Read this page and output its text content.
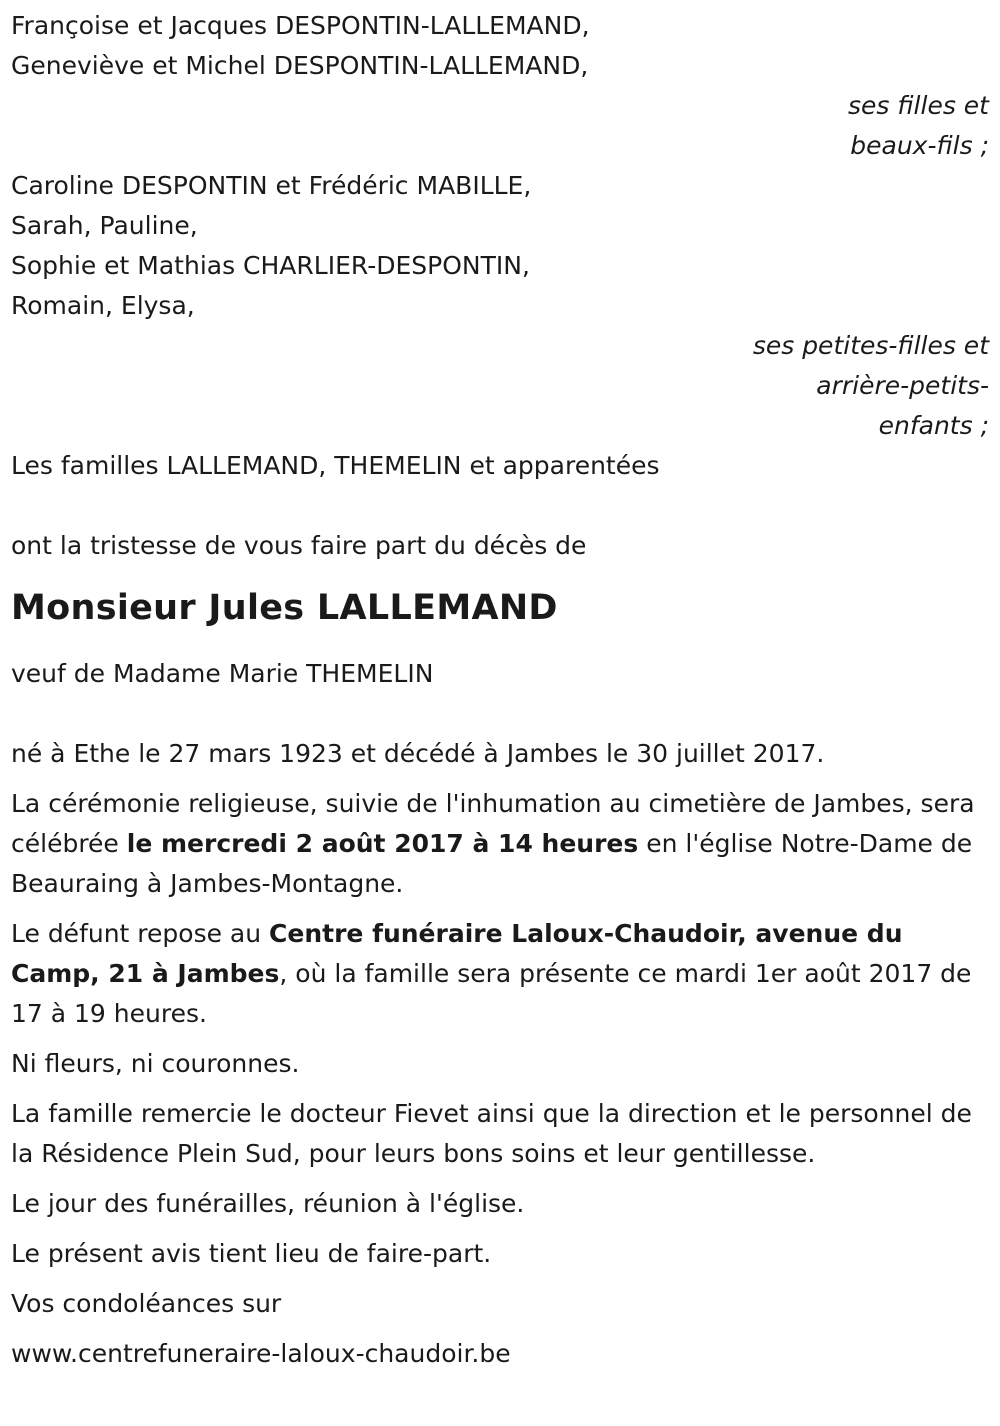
Françoise et Jacques DESPONTIN-LALLEMAND,
Geneviève et Michel DESPONTIN-LALLEMAND,
ses filles et
beaux-fils ;
Caroline DESPONTIN et Frédéric MABILLE,
Sarah, Pauline,
Sophie et Mathias CHARLIER-DESPONTIN,
Romain, Elysa,
ses petites-filles et
arrière-petits-
enfants ;
Les familles LALLEMAND, THEMELIN et apparentées
ont la tristesse de vous faire part du décès de
Monsieur Jules LALLEMAND
veuf de Madame Marie THEMELIN

né à Ethe le 27 mars 1923 et décédé à Jambes le 30 juillet 2017.

La cérémonie religieuse, suivie de l'inhumation au cimetière de Jambes, sera célébrée le mercredi 2 août 2017 à 14 heures en l'église Notre-Dame de Beauraing à Jambes-Montagne.

Le défunt repose au Centre funéraire Laloux-Chaudoir, avenue du Camp, 21 à Jambes, où la famille sera présente ce mardi 1er août 2017 de 17 à 19 heures.

Ni fleurs, ni couronnes.

La famille remercie le docteur Fievet ainsi que la direction et le personnel de la Résidence Plein Sud, pour leurs bons soins et leur gentillesse.

Le jour des funérailles, réunion à l'église.

Le présent avis tient lieu de faire-part.

Vos condoléances sur

www.centrefuneraire-laloux-chaudoir.be
